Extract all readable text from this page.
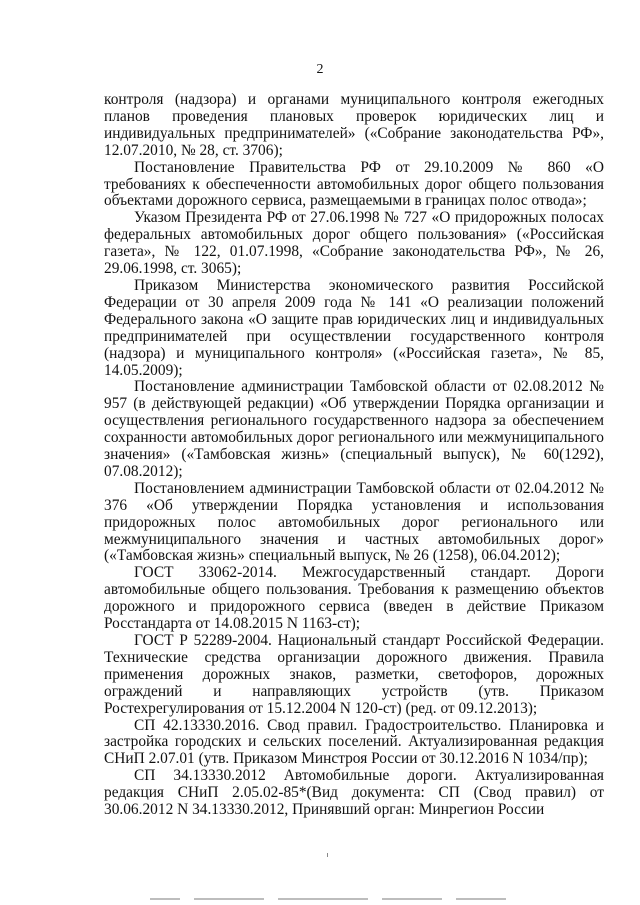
2

контроля (надзора) и органами муниципального контроля ежегодных планов проведения плановых проверок юридических лиц и индивидуальных предпринимателей» («Собрание законодательства РФ», 12.07.2010, № 28, ст. 3706);

Постановление Правительства РФ от 29.10.2009 № 860 «О требованиях к обеспеченности автомобильных дорог общего пользования объектами дорожного сервиса, размещаемыми в границах полос отвода»;

Указом Президента РФ от 27.06.1998 № 727 «О придорожных полосах федеральных автомобильных дорог общего пользования» («Российская газета», № 122, 01.07.1998, «Собрание законодательства РФ», № 26, 29.06.1998, ст. 3065);

Приказом Министерства экономического развития Российской Федерации от 30 апреля 2009 года № 141 «О реализации положений Федерального закона «О защите прав юридических лиц и индивидуальных предпринимателей при осуществлении государственного контроля (надзора) и муниципального контроля» («Российская газета», № 85, 14.05.2009);

Постановление администрации Тамбовской области от 02.08.2012 № 957 (в действующей редакции) «Об утверждении Порядка организации и осуществления регионального государственного надзора за обеспечением сохранности автомобильных дорог регионального или межмуниципального значения» («Тамбовская жизнь» (специальный выпуск), № 60(1292), 07.08.2012);

Постановлением администрации Тамбовской области от 02.04.2012 № 376 «Об утверждении Порядка установления и использования придорожных полос автомобильных дорог регионального или межмуниципального значения и частных автомобильных дорог» («Тамбовская жизнь» специальный выпуск, № 26 (1258), 06.04.2012);

ГОСТ 33062-2014. Межгосударственный стандарт. Дороги автомобильные общего пользования. Требования к размещению объектов дорожного и придорожного сервиса (введен в действие Приказом Росстандарта от 14.08.2015 N 1163-ст);

ГОСТ Р 52289-2004. Национальный стандарт Российской Федерации. Технические средства организации дорожного движения. Правила применения дорожных знаков, разметки, светофоров, дорожных ограждений и направляющих устройств (утв. Приказом Ростехрегулирования от 15.12.2004 N 120-ст) (ред. от 09.12.2013);

СП 42.13330.2016. Свод правил. Градостроительство. Планировка и застройка городских и сельских поселений. Актуализированная редакция СНиП 2.07.01 (утв. Приказом Минстроя России от 30.12.2016 N 1034/пр);

СП 34.13330.2012 Автомобильные дороги. Актуализированная редакция СНиП 2.05.02-85*(Вид документа: СП (Свод правил) от 30.06.2012 N 34.13330.2012, Принявший орган: Минрегион России
